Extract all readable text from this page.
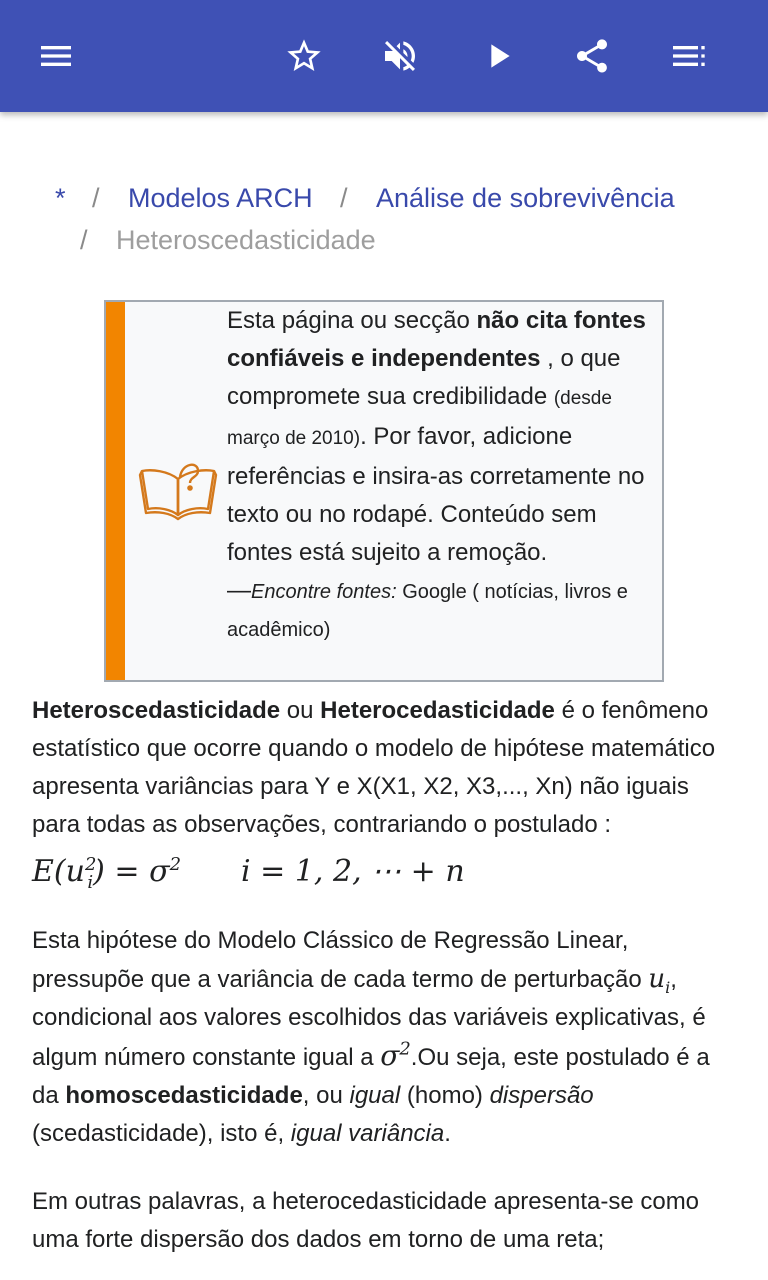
* / Modelos ARCH / Análise de sobrevivência
/ Heteroscedasticidade
Esta página ou secção não cita fontes confiáveis e independentes , o que compromete sua credibilidade (desde março de 2010). Por favor, adicione referências e insira-as corretamente no texto ou no rodapé. Conteúdo sem fontes está sujeito a remoção.
—Encontre fontes: Google ( notícias, livros e acadêmico)

Heteroscedasticidade ou Heterocedasticidade é o fenômeno estatístico que ocorre quando o modelo de hipótese matemático apresenta variâncias para Y e X(X1, X2, X3,..., Xn) não iguais para todas as observações, contrariando o postulado :

$E(u^2_i) = \sigma^2$ i = 1, 2, ⋯ + n

Esta hipótese do Modelo Clássico de Regressão Linear, pressupõe que a variância de cada termo de perturbação $u_i$, condicional aos valores escolhidos das variáveis explicativas, é algum número constante igual a $\sigma^2.Ou$ seja, este postulado é a da homoscedasticidade, ou igual (homo) dispersão (scedasticidade), isto é, igual variância.

Em outras palavras, a heterocedasticidade apresenta-se como uma forte dispersão dos dados em torno de uma reta;
